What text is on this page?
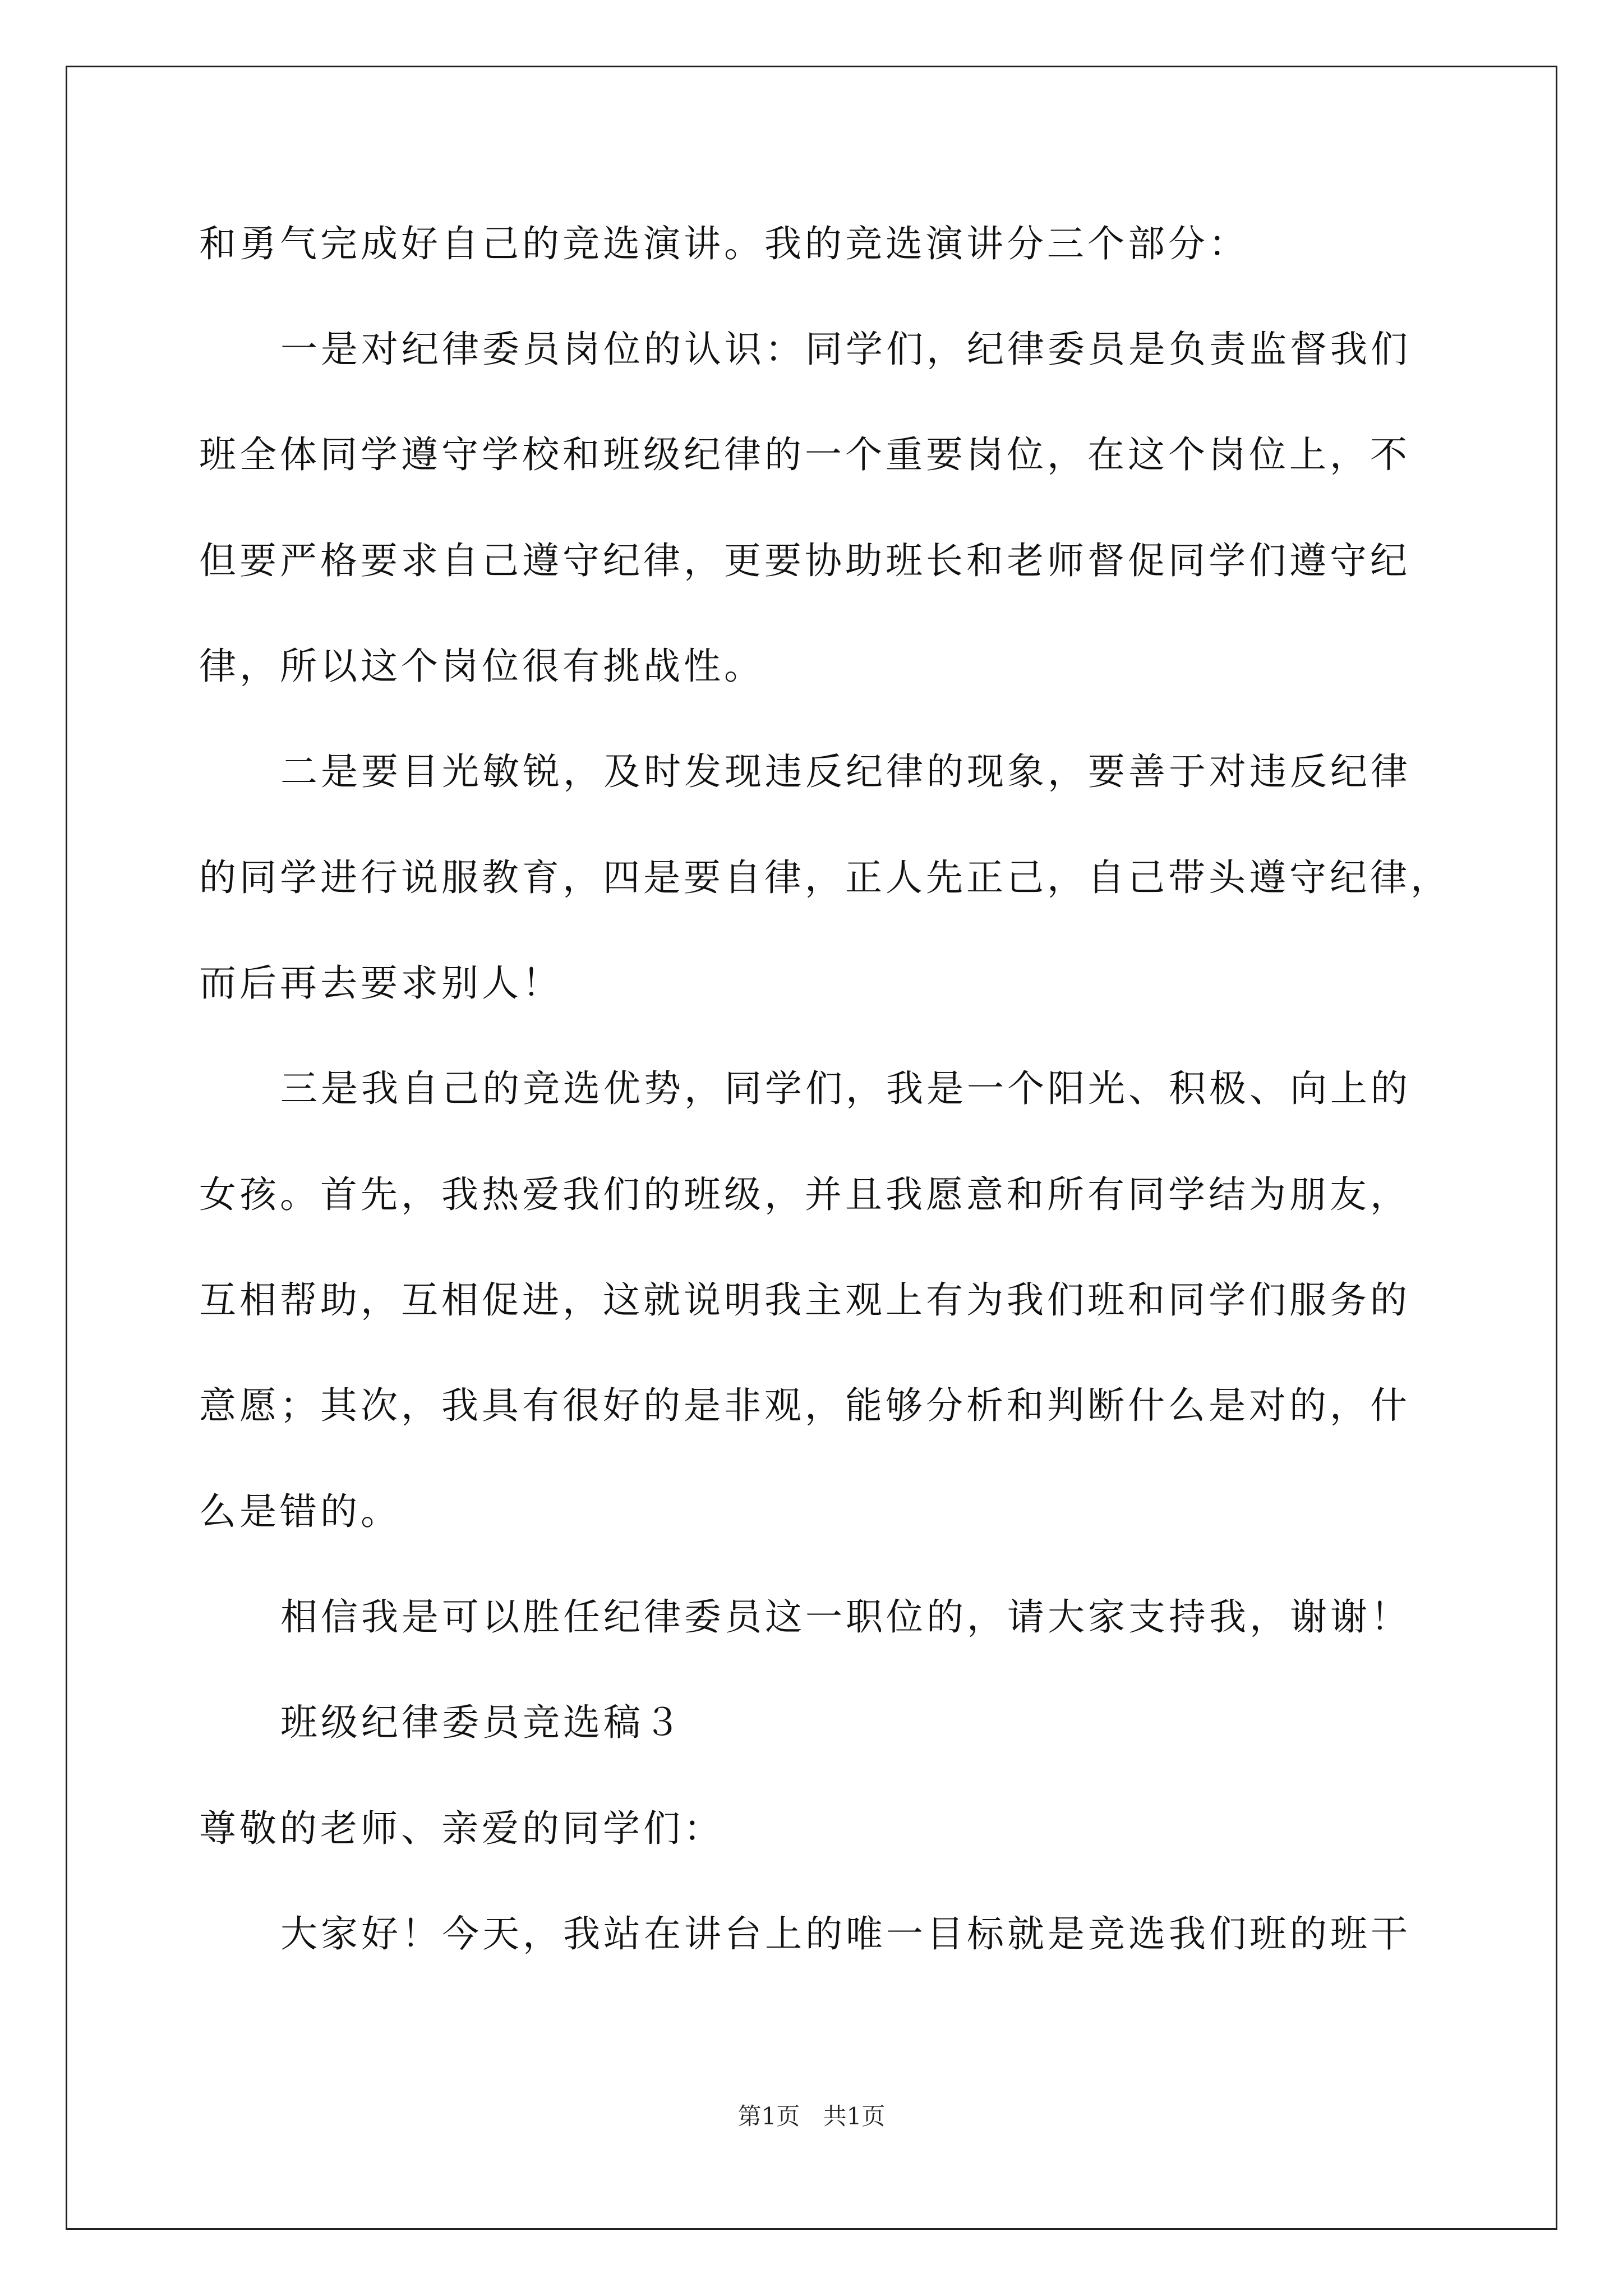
和勇气完成好自己的竞选演讲。我的竞选演讲分三个部分：
一是对纪律委员岗位的认识：同学们，纪律委员是负责监督我们
班全体同学遵守学校和班级纪律的一个重要岗位，在这个岗位上，不
但要严格要求自己遵守纪律，更要协助班长和老师督促同学们遵守纪
律，所以这个岗位很有挑战性。
二是要目光敏锐，及时发现违反纪律的现象，要善于对违反纪律
的同学进行说服教育，四是要自律，正人先正己，自己带头遵守纪律，
而后再去要求别人！
三是我自己的竞选优势，同学们，我是一个阳光、积极、向上的
女孩。首先，我热爱我们的班级，并且我愿意和所有同学结为朋友，
互相帮助，互相促进，这就说明我主观上有为我们班和同学们服务的
意愿；其次，我具有很好的是非观，能够分析和判断什么是对的，什
么是错的。
相信我是可以胜任纪律委员这一职位的，请大家支持我，谢谢！
班级纪律委员竞选稿３
尊敬的老师、亲爱的同学们：
大家好！今天，我站在讲台上的唯一目标就是竞选我们班的班干
第1页 共1页
